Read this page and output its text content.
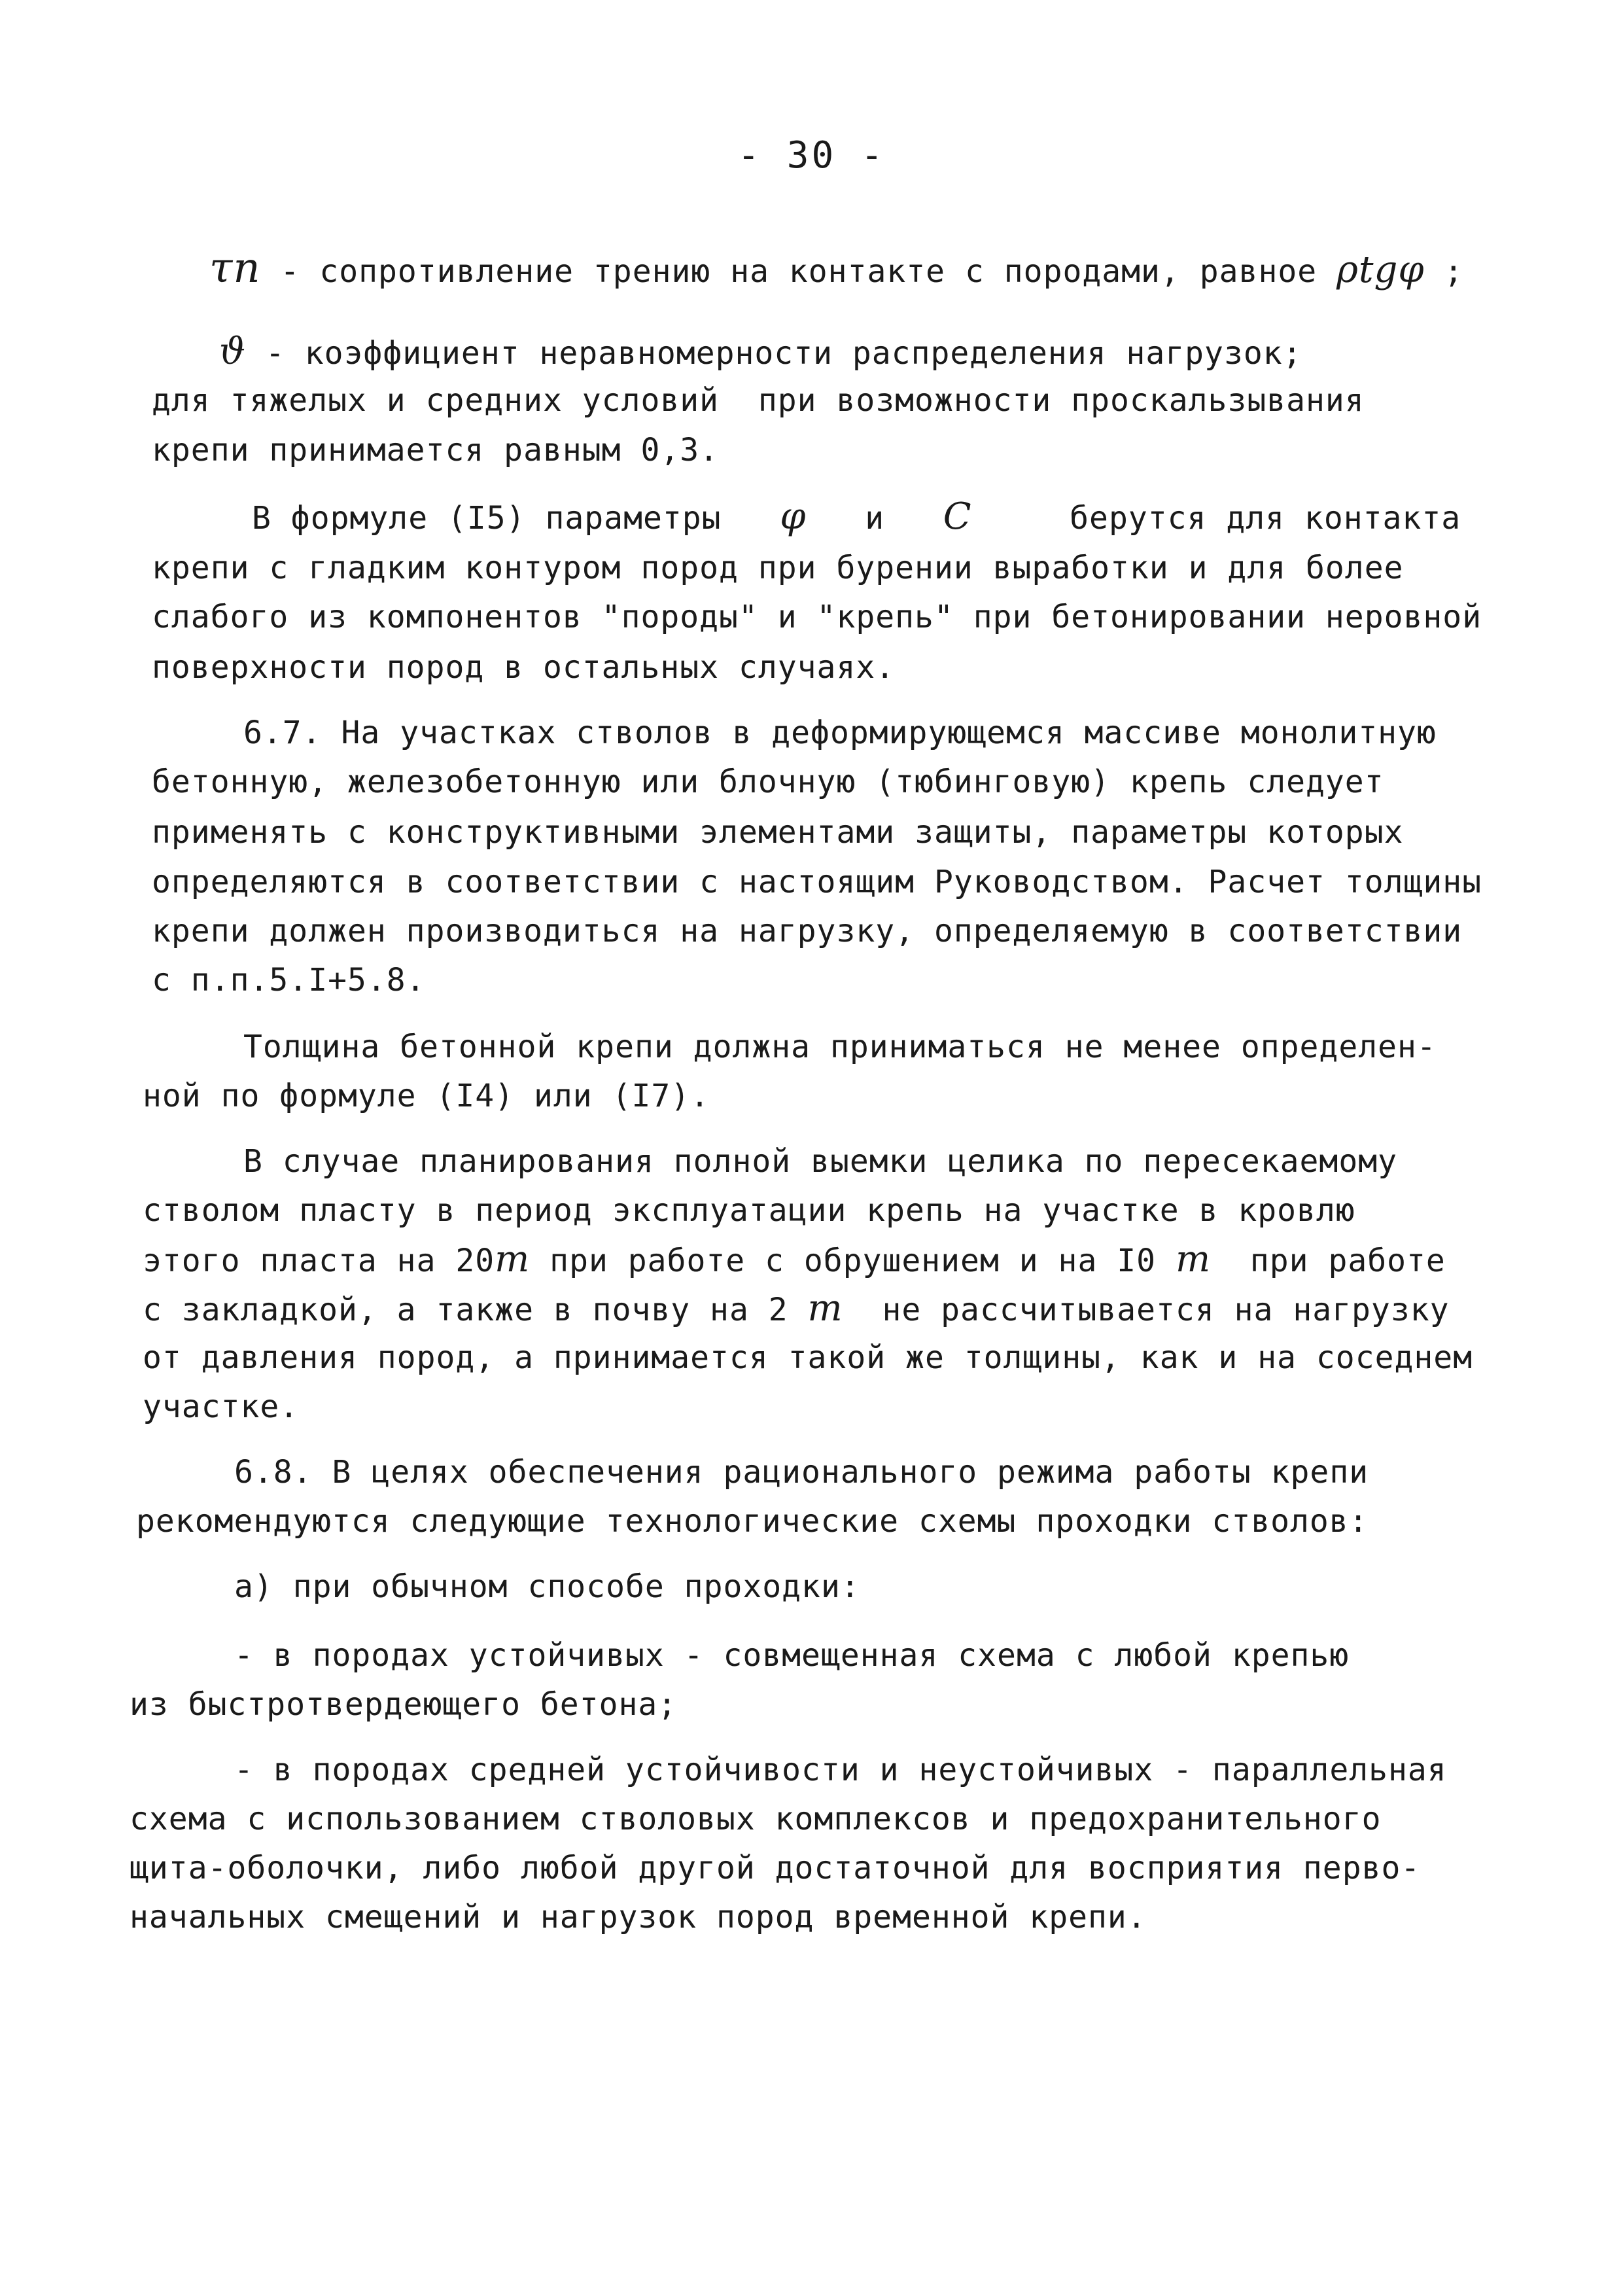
- 30 -
τn - сопротивление трению на контакте с породами, равное ρtgφ ;
ϑ - коэффициент неравномерности распределения нагрузок;
для тяжелых и средних условий  при возможности проскальзывания
крепи принимается равным 0,3.
В формуле (I5) параметры φ и C	берутся для контакта
крепи с гладким контуром пород при бурении выработки и для более
слабого из компонентов "породы" и "крепь" при бетонировании неровной
поверхности пород в остальных случаях.
6.7. На участках стволов в деформирующемся массиве монолитную
бетонную, железобетонную или блочную (тюбинговую) крепь следует
применять с конструктивными элементами защиты, параметры которых
определяются в соответствии с настоящим Руководством. Расчет толщины
крепи должен производиться на нагрузку, определяемую в соответствии
с п.п.5.I+5.8.
Толщина бетонной крепи должна приниматься не менее определен-
ной по формуле (I4) или (I7).
В случае планирования полной выемки целика по пересекаемому
стволом пласту в период эксплуатации крепь на участке в кровлю
этого пласта на 20m при работе с обрушением и на I0 m  при работе
с закладкой, а также в почву на 2 m  не рассчитывается на нагрузку
от давления пород, а принимается такой же толщины, как и на соседнем
участке.
6.8. В целях обеспечения рационального режима работы крепи
рекомендуются следующие технологические схемы проходки стволов:
а) при обычном способе проходки:
- в породах устойчивых - совмещенная схема с любой крепью
из быстротвердеющего бетона;
- в породах средней устойчивости и неустойчивых - параллельная
схема с использованием стволовых комплексов и предохранительного
щита-оболочки, либо любой другой достаточной для восприятия перво-
начальных смещений и нагрузок пород временной крепи.
